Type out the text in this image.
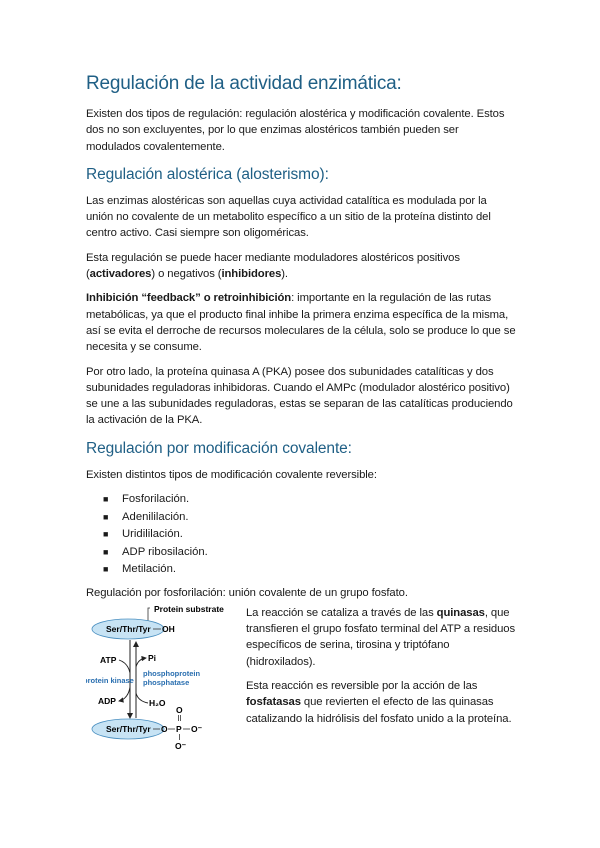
Regulación de la actividad enzimática:

Existen dos tipos de regulación: regulación alostérica y modificación covalente. Estos dos no son excluyentes, por lo que enzimas alostéricos también pueden ser modulados covalentemente.

Regulación alostérica (alosterismo):

Las enzimas alostéricas son aquellas cuya actividad catalítica es modulada por la unión no covalente de un metabolito específico a un sitio de la proteína distinto del centro activo. Casi siempre son oligoméricas.

Esta regulación se puede hacer mediante moduladores alostéricos positivos (activadores) o negativos (inhibidores).

Inhibición “feedback” o retroinhibición: importante en la regulación de las rutas metabólicas, ya que el producto final inhibe la primera enzima específica de la misma, así se evita el derroche de recursos moleculares de la célula, solo se produce lo que se necesita y se consume.

Por otro lado, la proteína quinasa A (PKA) posee dos subunidades catalíticas y dos subunidades reguladoras inhibidoras. Cuando el AMPc (modulador alostérico positivo) se une a las subunidades reguladoras, estas se separan de las catalíticas produciendo la activación de la PKA.

Regulación por modificación covalente:

Existen distintos tipos de modificación covalente reversible:

■ Fosforilación.
■ Adenililación.
■ Uridililación.
■ ADP ribosilación.
■ Metilación.

Regulación por fosforilación: unión covalente de un grupo fosfato.

Protein substrate
Ser/Thr/Tyr OH
ATP	Pi
protein kinase
phosphoprotein
phosphatase
ADP	H₂O
Ser/Thr/Tyr O P O⁻
O
O⁻

La reacción se cataliza a través de las quinasas, que transfieren el grupo fosfato terminal del ATP a residuos específicos de serina, tirosina y triptófano (hidroxilados).

Esta reacción es reversible por la acción de las fosfatasas que revierten el efecto de las quinasas catalizando la hidrólisis del fosfato unido a la proteína.
